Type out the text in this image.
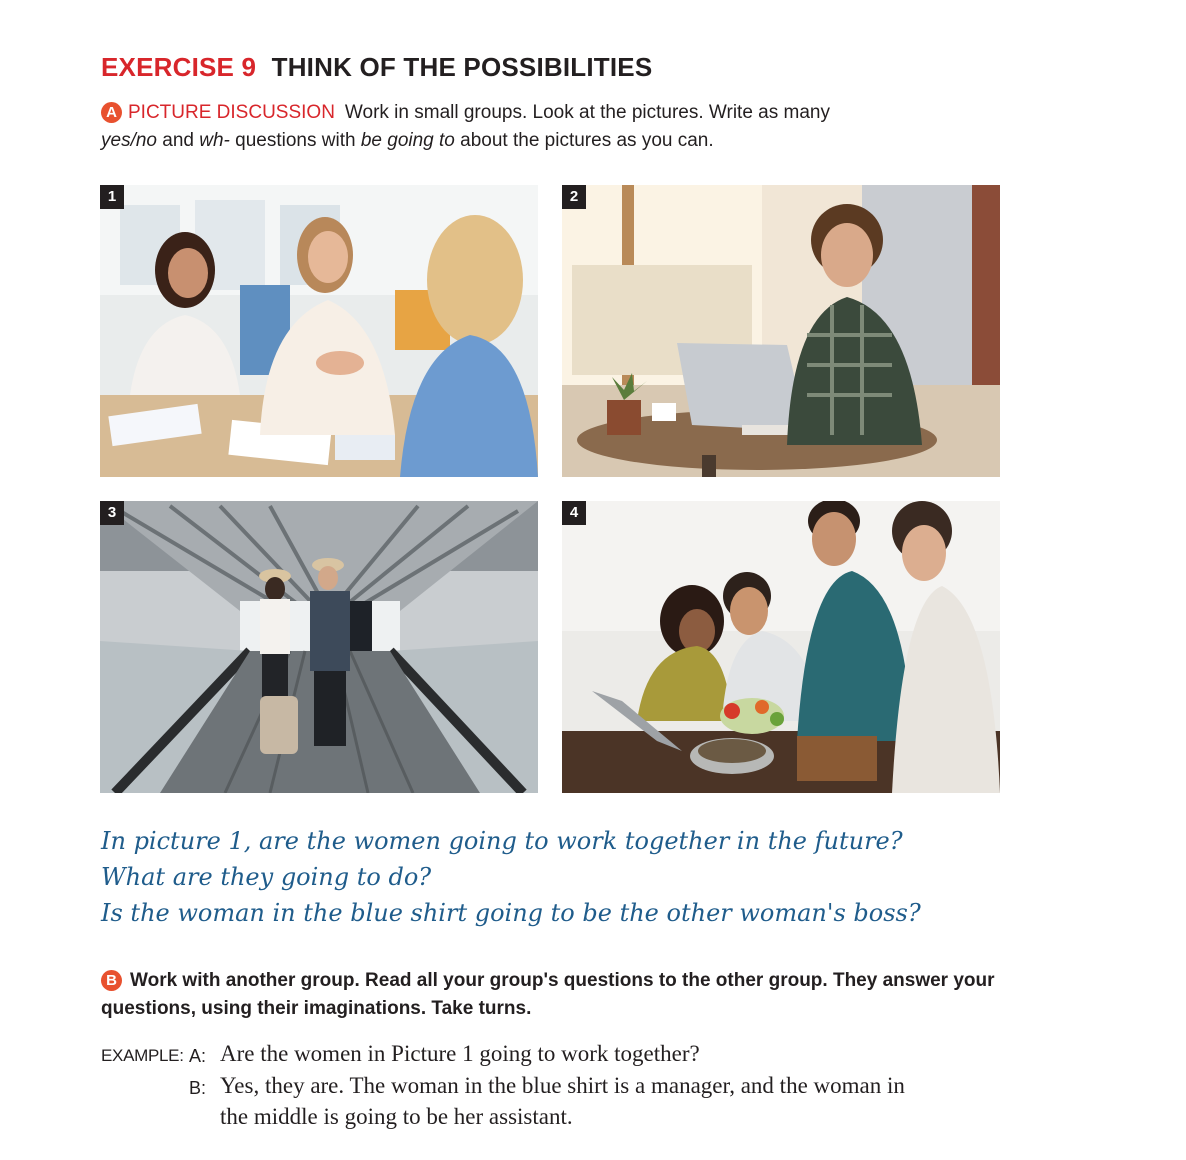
EXERCISE 9 THINK OF THE POSSIBILITIES
A PICTURE DISCUSSION Work in small groups. Look at the pictures. Write as many
yes/no and wh- questions with be going to about the pictures as you can.
1	2
3	4
In picture 1, are the women going to work together in the future?
What are they going to do?
Is the woman in the blue shirt going to be the other woman's boss?
B Work with another group. Read all your group's questions to the other group. They answer your questions, using their imaginations. Take turns.
EXAMPLE: A: Are the women in Picture 1 going to work together?
B: Yes, they are. The woman in the blue shirt is a manager, and the woman in
the middle is going to be her assistant.
